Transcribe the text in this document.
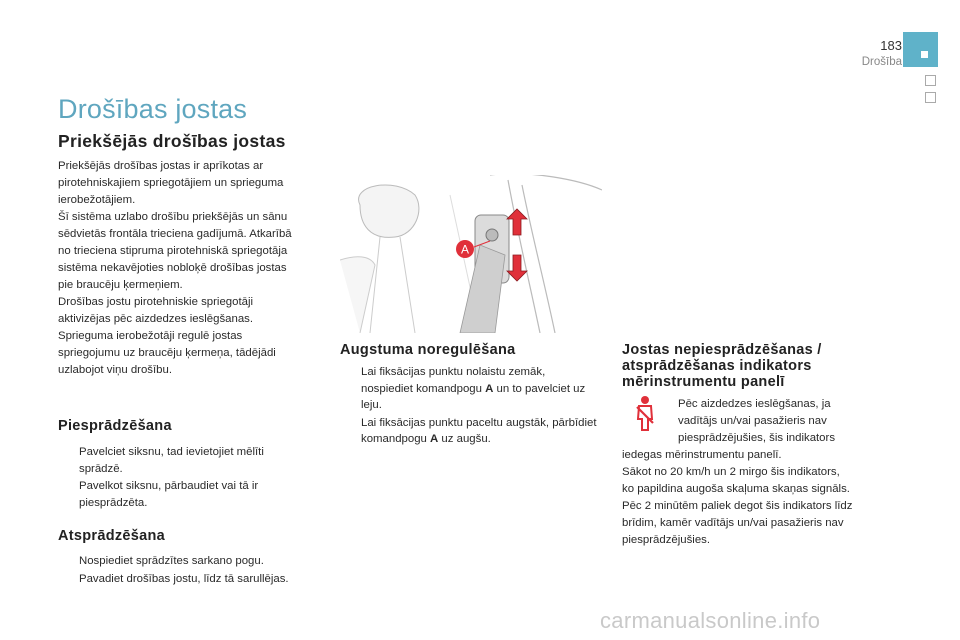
183
Drošība
Drošības jostas
Priekšējās drošības jostas

Priekšējās drošības jostas ir aprīkotas ar pirotehniskajiem spriegotājiem un sprieguma ierobežotājiem.

Šī sistēma uzlabo drošību priekšējās un sānu sēdvietās frontāla trieciena gadījumā. Atkarībā no trieciena stipruma pirotehniskā spriegotāja sistēma nekavējoties nobloķē drošības jostas pie braucēju ķermeņiem.

Drošības jostu pirotehniskie spriegotāji aktivizējas pēc aizdedzes ieslēgšanas. Sprieguma ierobežotāji regulē jostas spriegojumu uz braucēju ķermeņa, tādējādi uzlabojot viņu drošību.

Piesprādzēšana
Pavelciet siksnu, tad ievietojiet mēlīti sprādzē.
Pavelkot siksnu, pārbaudiet vai tā ir piesprādzēta.
Atsprādzēšana
Nospiediet sprādzītes sarkano pogu.
Pavadiet drošības jostu, līdz tā sarullējas.
A
Augstuma noregulēšana
Lai fiksācijas punktu nolaistu zemāk, nospiediet komandpogu A un to pavelciet uz leju.
Lai fiksācijas punktu paceltu augstāk, pārbīdiet komandpogu A uz augšu.
Jostas nepiesprādzēšanas /
atsprādzēšanas indikators
mērinstrumentu panelī
Pēc aizdedzes ieslēgšanas, ja
vadītājs un/vai pasažieris nav
piesprādzējušies, šis indikators
iedegas mērinstrumentu panelī.
Sākot no 20 km/h un 2 mirgo šis indikators,
ko papildina augoša skaļuma skaņas signāls.
Pēc 2 minūtēm paliek degot šis indikators līdz
brīdim, kamēr vadītājs un/vai pasažieris nav
piesprādzējušies.
carmanualsonline.info
